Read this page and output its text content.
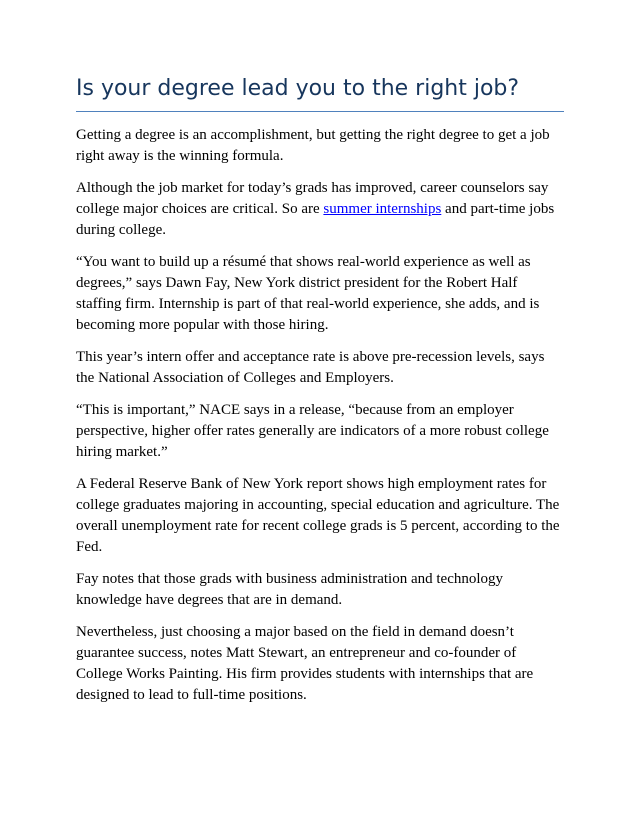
Is your degree lead you to the right job?

Getting a degree is an accomplishment, but getting the right degree to get a job right away is the winning formula.

Although the job market for today’s grads has improved, career counselors say college major choices are critical. So are summer internships and part-time jobs during college.

“You want to build up a résumé that shows real-world experience as well as degrees,” says Dawn Fay, New York district president for the Robert Half staffing firm. Internship is part of that real-world experience, she adds, and is becoming more popular with those hiring.

This year’s intern offer and acceptance rate is above pre-recession levels, says the National Association of Colleges and Employers.

“This is important,” NACE says in a release, “because from an employer perspective, higher offer rates generally are indicators of a more robust college hiring market.”

A Federal Reserve Bank of New York report shows high employment rates for college graduates majoring in accounting, special education and agriculture. The overall unemployment rate for recent college grads is 5 percent, according to the Fed.

Fay notes that those grads with business administration and technology knowledge have degrees that are in demand.

Nevertheless, just choosing a major based on the field in demand doesn’t guarantee success, notes Matt Stewart, an entrepreneur and co-founder of College Works Painting. His firm provides students with internships that are designed to lead to full-time positions.
